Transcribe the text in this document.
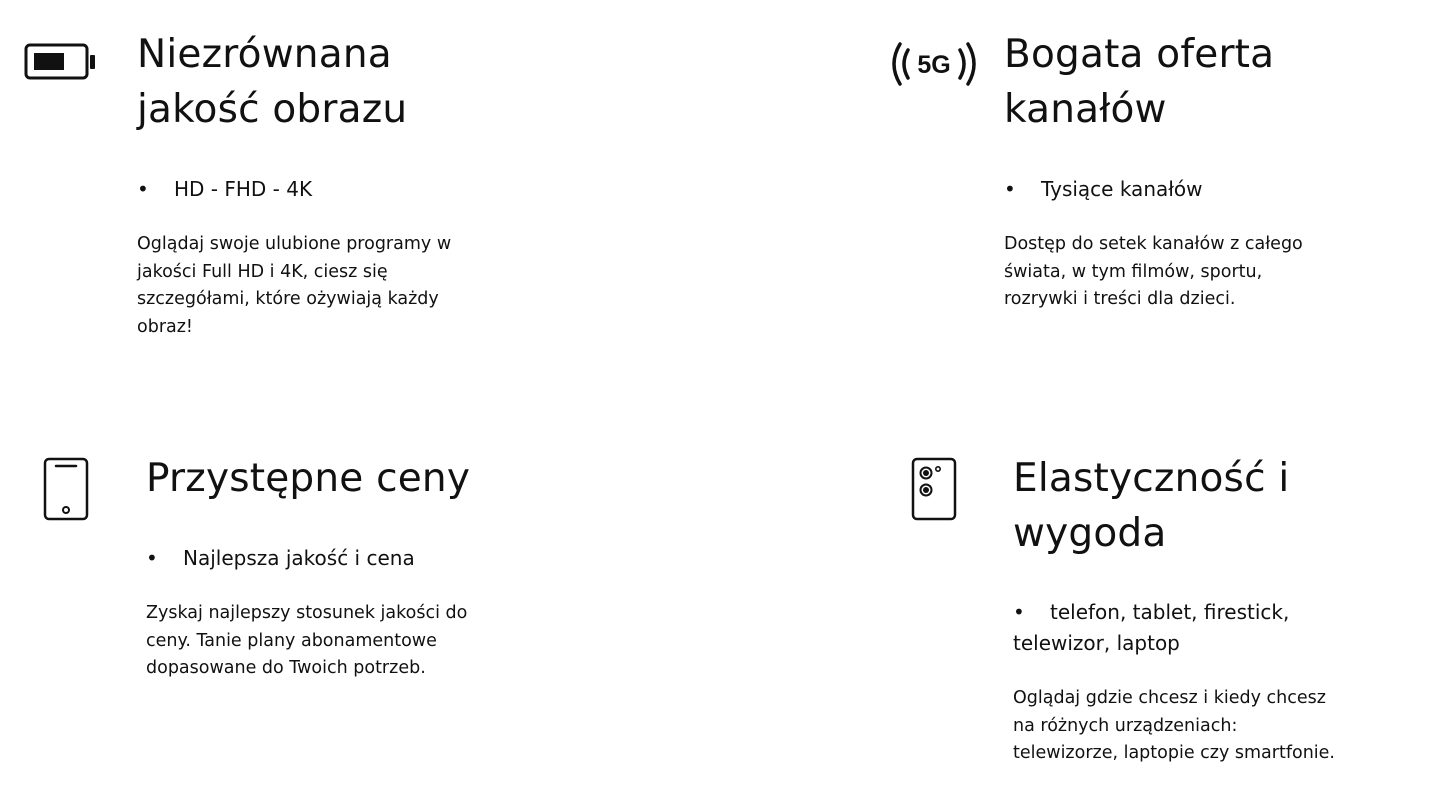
Niezrównana
jakość obrazu

• HD - FHD - 4K

Oglądaj swoje ulubione programy w jakości Full HD i 4K, ciesz się szczegółami, które ożywiają każdy obraz!

5G Bogata oferta
kanałów

• Tysiące kanałów

Dostęp do setek kanałów z całego świata, w tym filmów, sportu, rozrywki i treści dla dzieci.

Przystępne ceny

• Najlepsza jakość i cena

Zyskaj najlepszy stosunek jakości do ceny. Tanie plany abonamentowe dopasowane do Twoich potrzeb.

Elastyczność i
wygoda

• telefon, tablet, firestick, telewizor, laptop

Oglądaj gdzie chcesz i kiedy chcesz na różnych urządzeniach: telewizorze, laptopie czy smartfonie.
